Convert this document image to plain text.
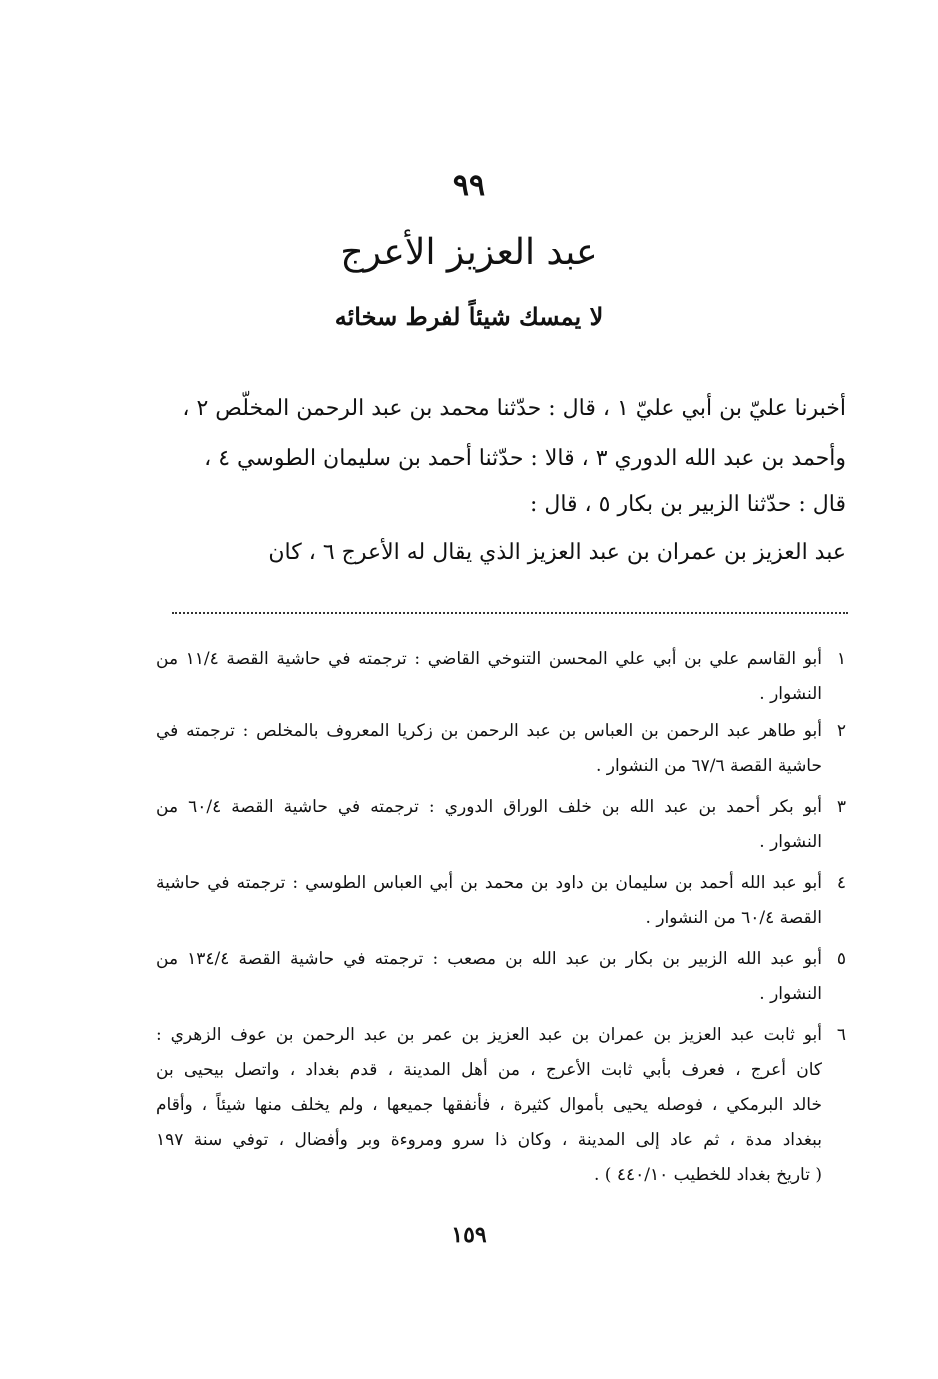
٩٩
عبد العزيز الأعرج
لا يمسك شيئاً لفرط سخائه
أخبرنا عليّ بن أبي عليّ ١ ، قال : حدّثنا محمد بن عبد الرحمن المخلّص ٢ ،
وأحمد بن عبد الله الدوري ٣ ، قالا : حدّثنا أحمد بن سليمان الطوسي ٤ ،
قال : حدّثنا الزبير بن بكار ٥ ، قال :
عبد العزيز بن عمران بن عبد العزيز الذي يقال له الأعرج ٦ ، كان
١
أبو القاسم علي بن أبي علي المحسن التنوخي القاضي : ترجمته في حاشية القصة ١١/٤ من
النشوار .
٢
أبو طاهر عبد الرحمن بن العباس بن عبد الرحمن بن زكريا المعروف بالمخلص : ترجمته في
حاشية القصة ٦٧/٦ من النشوار .
٣
أبو بكر أحمد بن عبد الله بن خلف الوراق الدوري : ترجمته في حاشية القصة ٦٠/٤ من
النشوار .
٤
أبو عبد الله أحمد بن سليمان بن داود بن محمد بن أبي العباس الطوسي : ترجمته في حاشية
القصة ٦٠/٤ من النشوار .
٥
أبو عبد الله الزبير بن بكار بن عبد الله بن مصعب : ترجمته في حاشية القصة ١٣٤/٤ من
النشوار .
٦
أبو ثابت عبد العزيز بن عمران بن عبد العزيز بن عمر بن عبد الرحمن بن عوف الزهري :
كان أعرج ، فعرف بأبي ثابت الأعرج ، من أهل المدينة ، قدم بغداد ، واتصل بيحيى بن
خالد البرمكي ، فوصله يحيى بأموال كثيرة ، فأنفقها جميعها ، ولم يخلف منها شيئاً ، وأقام
ببغداد مدة ، ثم عاد إلى المدينة ، وكان ذا سرو ومروءة وبر وأفضال ، توفي سنة ١٩٧
( تاريخ بغداد للخطيب ٤٤٠/١٠ ) .
١٥٩
